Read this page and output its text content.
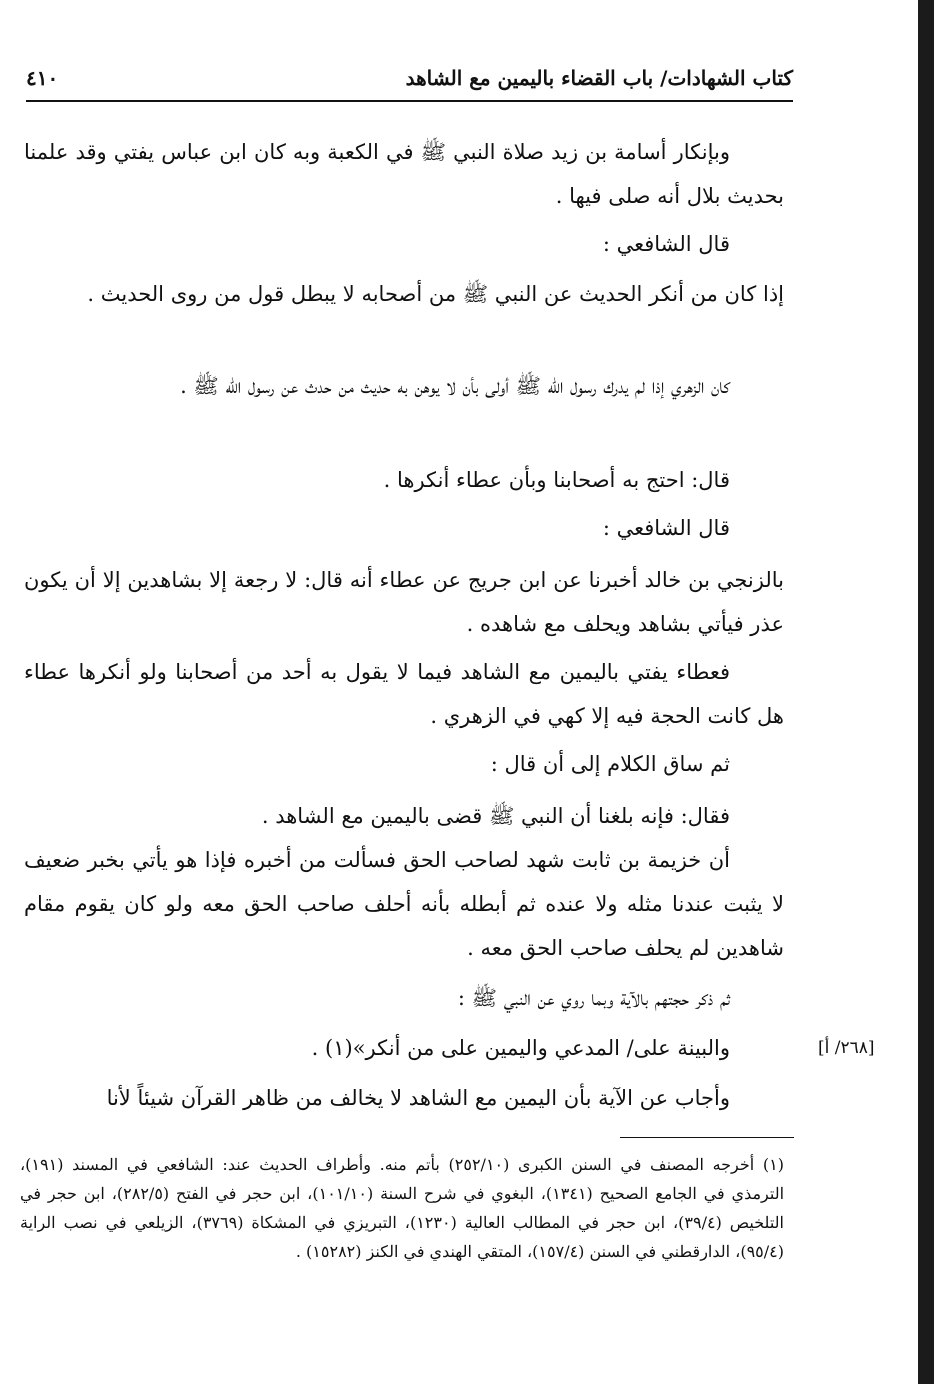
كتاب الشهادات/ باب القضاء باليمين مع الشاهد
٤١٠
وبإنكار أسامة بن زيد صلاة النبي ﷺ في الكعبة وبه كان ابن عباس يفتي وقد علمنا بحديث بلال أنه صلى فيها .
قال الشافعي :
إذا كان من أنكر الحديث عن النبي ﷺ من أصحابه لا يبطل قول من روى الحديث .
كان الزهري إذا لم يدرك رسول الله ﷺ أولى بأن لا يوهن به حديث من حدث عن رسول الله ﷺ .
قال: احتج به أصحابنا وبأن عطاء أنكرها .
قال الشافعي :
بالزنجي بن خالد أخبرنا عن ابن جريج عن عطاء أنه قال: لا رجعة إلا بشاهدين إلا أن يكون عذر فيأتي بشاهد ويحلف مع شاهده .
فعطاء يفتي باليمين مع الشاهد فيما لا يقول به أحد من أصحابنا ولو أنكرها عطاء هل كانت الحجة فيه إلا كهي في الزهري .
ثم ساق الكلام إلى أن قال :
فقال: فإنه بلغنا أن النبي ﷺ قضى باليمين مع الشاهد .
أن خزيمة بن ثابت شهد لصاحب الحق فسألت من أخبره فإذا هو يأتي بخبر ضعيف لا يثبت عندنا مثله ولا عنده ثم أبطله بأنه أحلف صاحب الحق معه ولو كان يقوم مقام شاهدين لم يحلف صاحب الحق معه .
ثم ذكر حجتهم بالآية وبما روي عن النبي ﷺ :
والبينة على/ المدعي واليمين على من أنكر»(١) .
وأجاب عن الآية بأن اليمين مع الشاهد لا يخالف من ظاهر القرآن شيئاً لأنا
[٢٦٨/ أ]
(١) أخرجه المصنف في السنن الكبرى (٢٥٢/١٠) بأتم منه. وأطراف الحديث عند: الشافعي في المسند (١٩١)، الترمذي في الجامع الصحيح (١٣٤١)، البغوي في شرح السنة (١٠١/١٠)، ابن حجر في الفتح (٢٨٢/٥)، ابن حجر في التلخيص (٣٩/٤)، ابن حجر في المطالب العالية (١٢٣٠)، التبريزي في المشكاة (٣٧٦٩)، الزيلعي في نصب الراية (٩٥/٤)، الدارقطني في السنن (١٥٧/٤)، المتقي الهندي في الكنز (١٥٢٨٢) .
